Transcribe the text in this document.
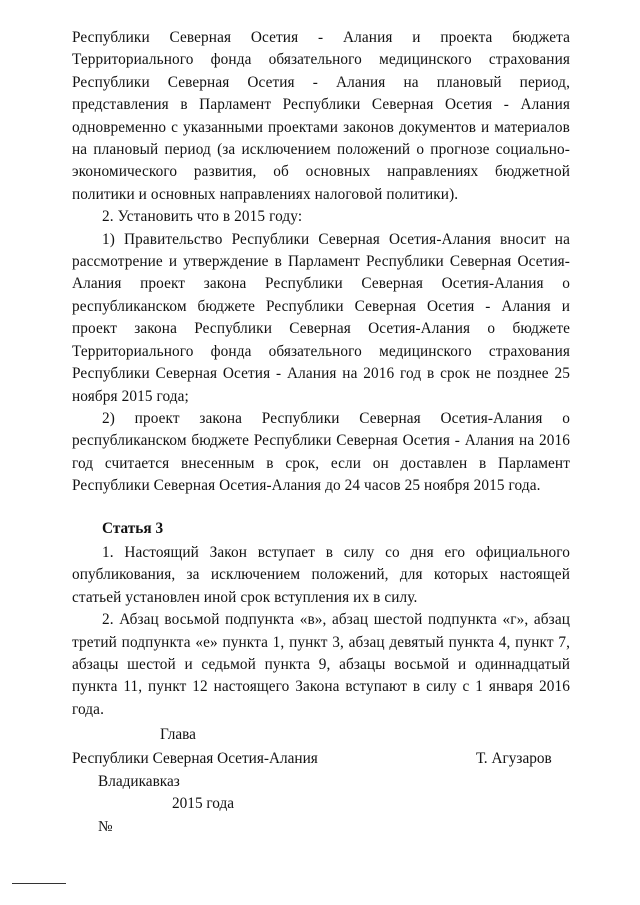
Республики Северная Осетия - Алания и проекта бюджета Территориального фонда обязательного медицинского страхования Республики Северная Осетия - Алания на плановый период, представления в Парламент Республики Северная Осетия - Алания одновременно с указанными проектами законов документов и материалов на плановый период (за исключением положений о прогнозе социально-экономического развития, об основных направлениях бюджетной политики и основных направлениях налоговой политики).

2. Установить что в 2015 году:

1) Правительство Республики Северная Осетия-Алания вносит на рассмотрение и утверждение в Парламент Республики Северная Осетия-Алания проект закона Республики Северная Осетия-Алания о республиканском бюджете Республики Северная Осетия - Алания и проект закона Республики Северная Осетия-Алания о бюджете Территориального фонда обязательного медицинского страхования Республики Северная Осетия - Алания на 2016 год в срок не позднее 25 ноября 2015 года;

2) проект закона Республики Северная Осетия-Алания о республиканском бюджете Республики Северная Осетия - Алания на 2016 год считается внесенным в срок, если он доставлен в Парламент Республики Северная Осетия-Алания до 24 часов 25 ноября 2015 года.

Статья 3

1. Настоящий Закон вступает в силу со дня его официального опубликования, за исключением положений, для которых настоящей статьей установлен иной срок вступления их в силу.

2. Абзац восьмой подпункта «в», абзац шестой подпункта «г», абзац третий подпункта «е» пункта 1, пункт 3, абзац девятый пункта 4, пункт 7, абзацы шестой и седьмой пункта 9, абзацы восьмой и одиннадцатый пункта 11, пункт 12 настоящего Закона вступают в силу с 1 января 2016 года.

Глава
Республики Северная Осетия-Алания	Т. Агузаров
Владикавказ
2015 года
№
